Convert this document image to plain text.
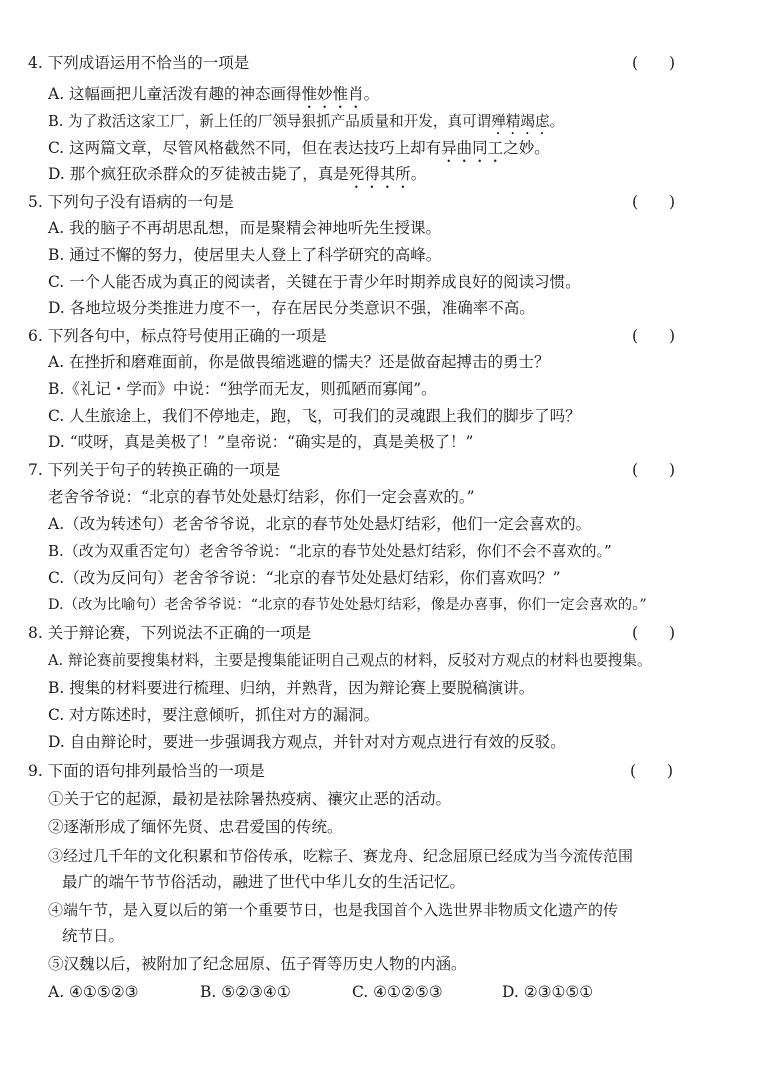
4. 下列成语运用不恰当的一项是	(　　)
A. 这幅画把儿童活泼有趣的神态画得惟妙惟肖。
B. 为了救活这家工厂，新上任的厂领导狠抓产品质量和开发，真可谓殚精竭虑。
C. 这两篇文章，尽管风格截然不同，但在表达技巧上却有异曲同工之妙。
D. 那个疯狂砍杀群众的歹徒被击毙了，真是死得其所。
5. 下列句子没有语病的一句是	(　　)
A. 我的脑子不再胡思乱想，而是聚精会神地听先生授课。
B. 通过不懈的努力，使居里夫人登上了科学研究的高峰。
C. 一个人能否成为真正的阅读者，关键在于青少年时期养成良好的阅读习惯。
D. 各地垃圾分类推进力度不一，存在居民分类意识不强，准确率不高。
6. 下列各句中，标点符号使用正确的一项是	(　　)
A. 在挫折和磨难面前，你是做畏缩逃避的懦夫？还是做奋起搏击的勇士？
B.《礼记・学而》中说：“独学而无友，则孤陋而寡闻”。
C. 人生旅途上，我们不停地走，跑，飞，可我们的灵魂跟上我们的脚步了吗？
D. “哎呀，真是美极了！”皇帝说：“确实是的，真是美极了！”
7. 下列关于句子的转换正确的一项是	(　　)
老舍爷爷说：“北京的春节处处悬灯结彩，你们一定会喜欢的。”
A.（改为转述句）老舍爷爷说，北京的春节处处悬灯结彩，他们一定会喜欢的。
B.（改为双重否定句）老舍爷爷说：“北京的春节处处悬灯结彩，你们不会不喜欢的。”
C.（改为反问句）老舍爷爷说：“北京的春节处处悬灯结彩，你们喜欢吗？”
D.（改为比喻句）老舍爷爷说：“北京的春节处处悬灯结彩，像是办喜事，你们一定会喜欢的。”
8. 关于辩论赛，下列说法不正确的一项是	(　　)
A. 辩论赛前要搜集材料，主要是搜集能证明自己观点的材料，反驳对方观点的材料也要搜集。
B. 搜集的材料要进行梳理、归纳，并熟背，因为辩论赛上要脱稿演讲。
C. 对方陈述时，要注意倾听，抓住对方的漏洞。
D. 自由辩论时，要进一步强调我方观点，并针对对方观点进行有效的反驳。
9. 下面的语句排列最恰当的一项是	(　　)
①关于它的起源，最初是祛除暑热疫病、禳灾止恶的活动。
②逐渐形成了缅怀先贤、忠君爱国的传统。
③经过几千年的文化积累和节俗传承，吃粽子、赛龙舟、纪念屈原已经成为当今流传范围
最广的端午节节俗活动，融进了世代中华儿女的生活记忆。
④端午节，是入夏以后的第一个重要节日，也是我国首个入选世界非物质文化遗产的传
统节日。
⑤汉魏以后，被附加了纪念屈原、伍子胥等历史人物的内涵。
A. ④①⑤②③	B. ⑤②③④①	C. ④①②⑤③	D. ②③①⑤①
